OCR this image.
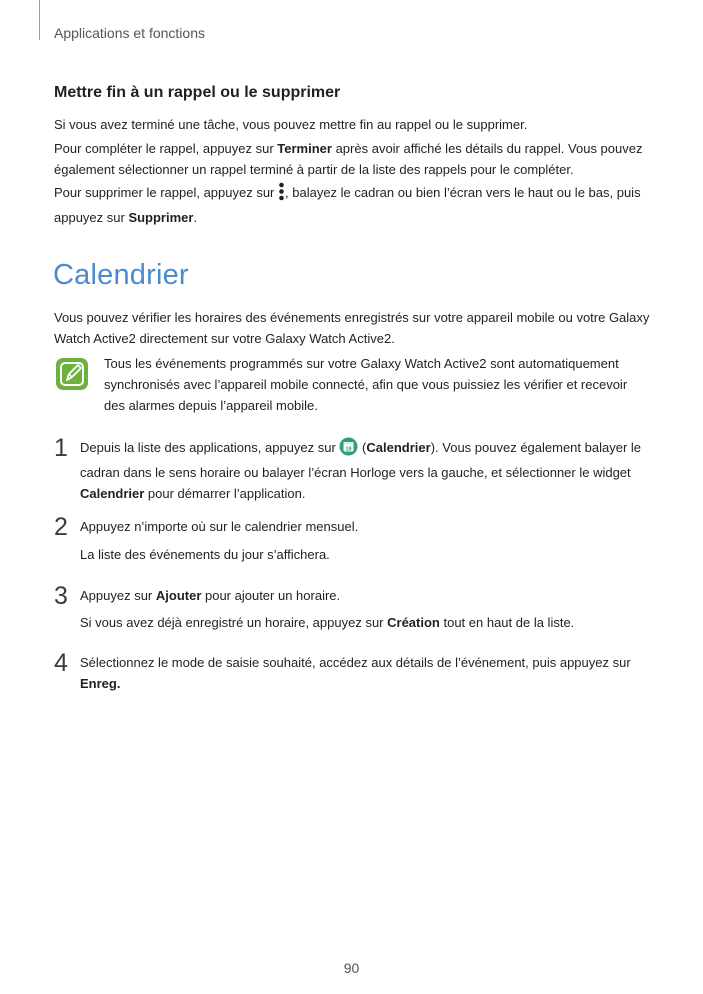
Applications et fonctions
Mettre fin à un rappel ou le supprimer

Si vous avez terminé une tâche, vous pouvez mettre fin au rappel ou le supprimer.

Pour compléter le rappel, appuyez sur Terminer après avoir affiché les détails du rappel. Vous pouvez également sélectionner un rappel terminé à partir de la liste des rappels pour le compléter.

Pour supprimer le rappel, appuyez sur , balayez le cadran ou bien l’écran vers le haut ou le bas, puis appuyez sur Supprimer.

Calendrier

Vous pouvez vérifier les horaires des événements enregistrés sur votre appareil mobile ou votre Galaxy Watch Active2 directement sur votre Galaxy Watch Active2.

Tous les événements programmés sur votre Galaxy Watch Active2 sont automatiquement synchronisés avec l’appareil mobile connecté, afin que vous puissiez les vérifier et recevoir des alarmes depuis l’appareil mobile.

1 Depuis la liste des applications, appuyez sur 18 (Calendrier). Vous pouvez également balayer le cadran dans le sens horaire ou balayer l’écran Horloge vers la gauche, et sélectionner le widget Calendrier pour démarrer l’application.

2 Appuyez n’importe où sur le calendrier mensuel.

La liste des événements du jour s’affichera.

3 Appuyez sur Ajouter pour ajouter un horaire.

Si vous avez déjà enregistré un horaire, appuyez sur Création tout en haut de la liste.

4 Sélectionnez le mode de saisie souhaité, accédez aux détails de l’événement, puis appuyez sur Enreg.

90
